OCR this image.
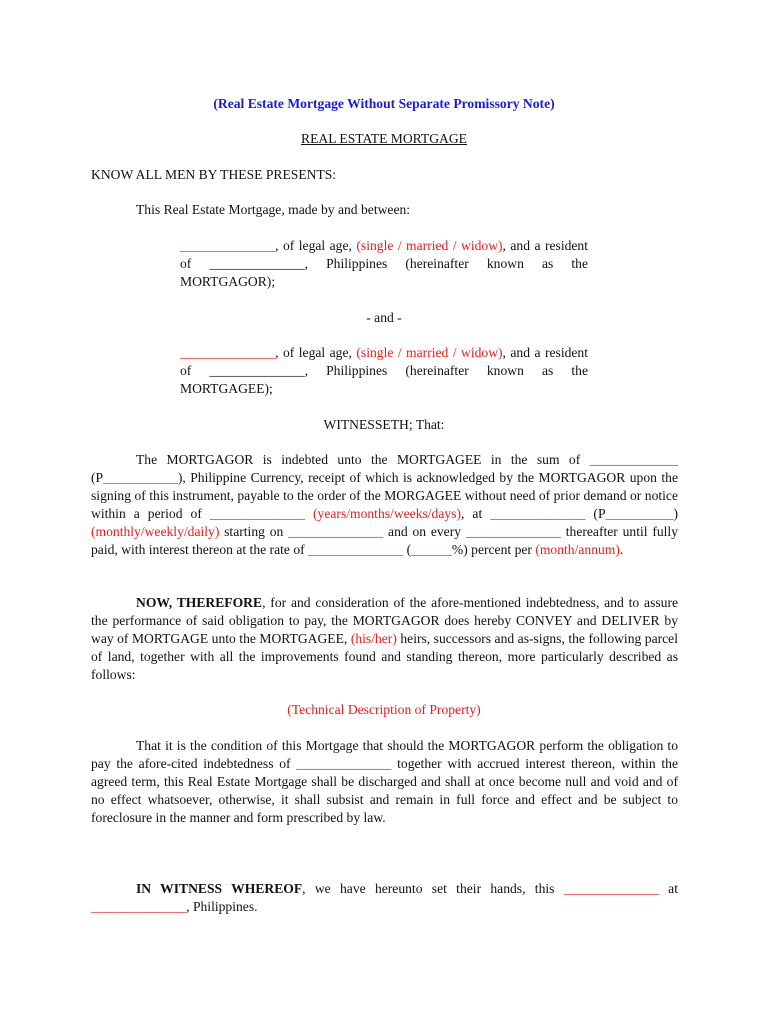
(Real Estate Mortgage Without Separate Promissory Note)

REAL ESTATE MORTGAGE

KNOW ALL MEN BY THESE PRESENTS:

This Real Estate Mortgage, made by and between:

______________, of legal age, (single / married / widow), and a resident of ______________, Philippines (hereinafter known as the MORTGAGOR);

- and -

______________, of legal age, (single / married / widow), and a resident of ______________, Philippines (hereinafter known as the MORTGAGEE);

WITNESSETH; That:

The MORTGAGOR is indebted unto the MORTGAGEE in the sum of _____________ (P___________), Philippine Currency, receipt of which is acknowledged by the MORTGAGOR upon the signing of this instrument, payable to the order of the MORGAGEE without need of prior demand or notice within a period of ______________ (years/months/weeks/days), at ______________ (P__________) (monthly/weekly/daily) starting on ______________ and on every ______________ thereafter until fully paid, with interest thereon at the rate of ______________ (______%) percent per (month/annum).

NOW, THEREFORE, for and consideration of the afore-mentioned indebtedness, and to assure the performance of said obligation to pay, the MORTGAGOR does hereby CONVEY and DELIVER by way of MORTGAGE unto the MORTGAGEE, (his/her) heirs, successors and as-signs, the following parcel of land, together with all the improvements found and standing thereon, more particularly described as follows:

(Technical Description of Property)

That it is the condition of this Mortgage that should the MORTGAGOR perform the obligation to pay the afore-cited indebtedness of ______________ together with accrued interest thereon, within the agreed term, this Real Estate Mortgage shall be discharged and shall at once become null and void and of no effect whatsoever, otherwise, it shall subsist and remain in full force and effect and be subject to foreclosure in the manner and form prescribed by law.

IN WITNESS WHEREOF, we have hereunto set their hands, this ______________ at ______________, Philippines.
